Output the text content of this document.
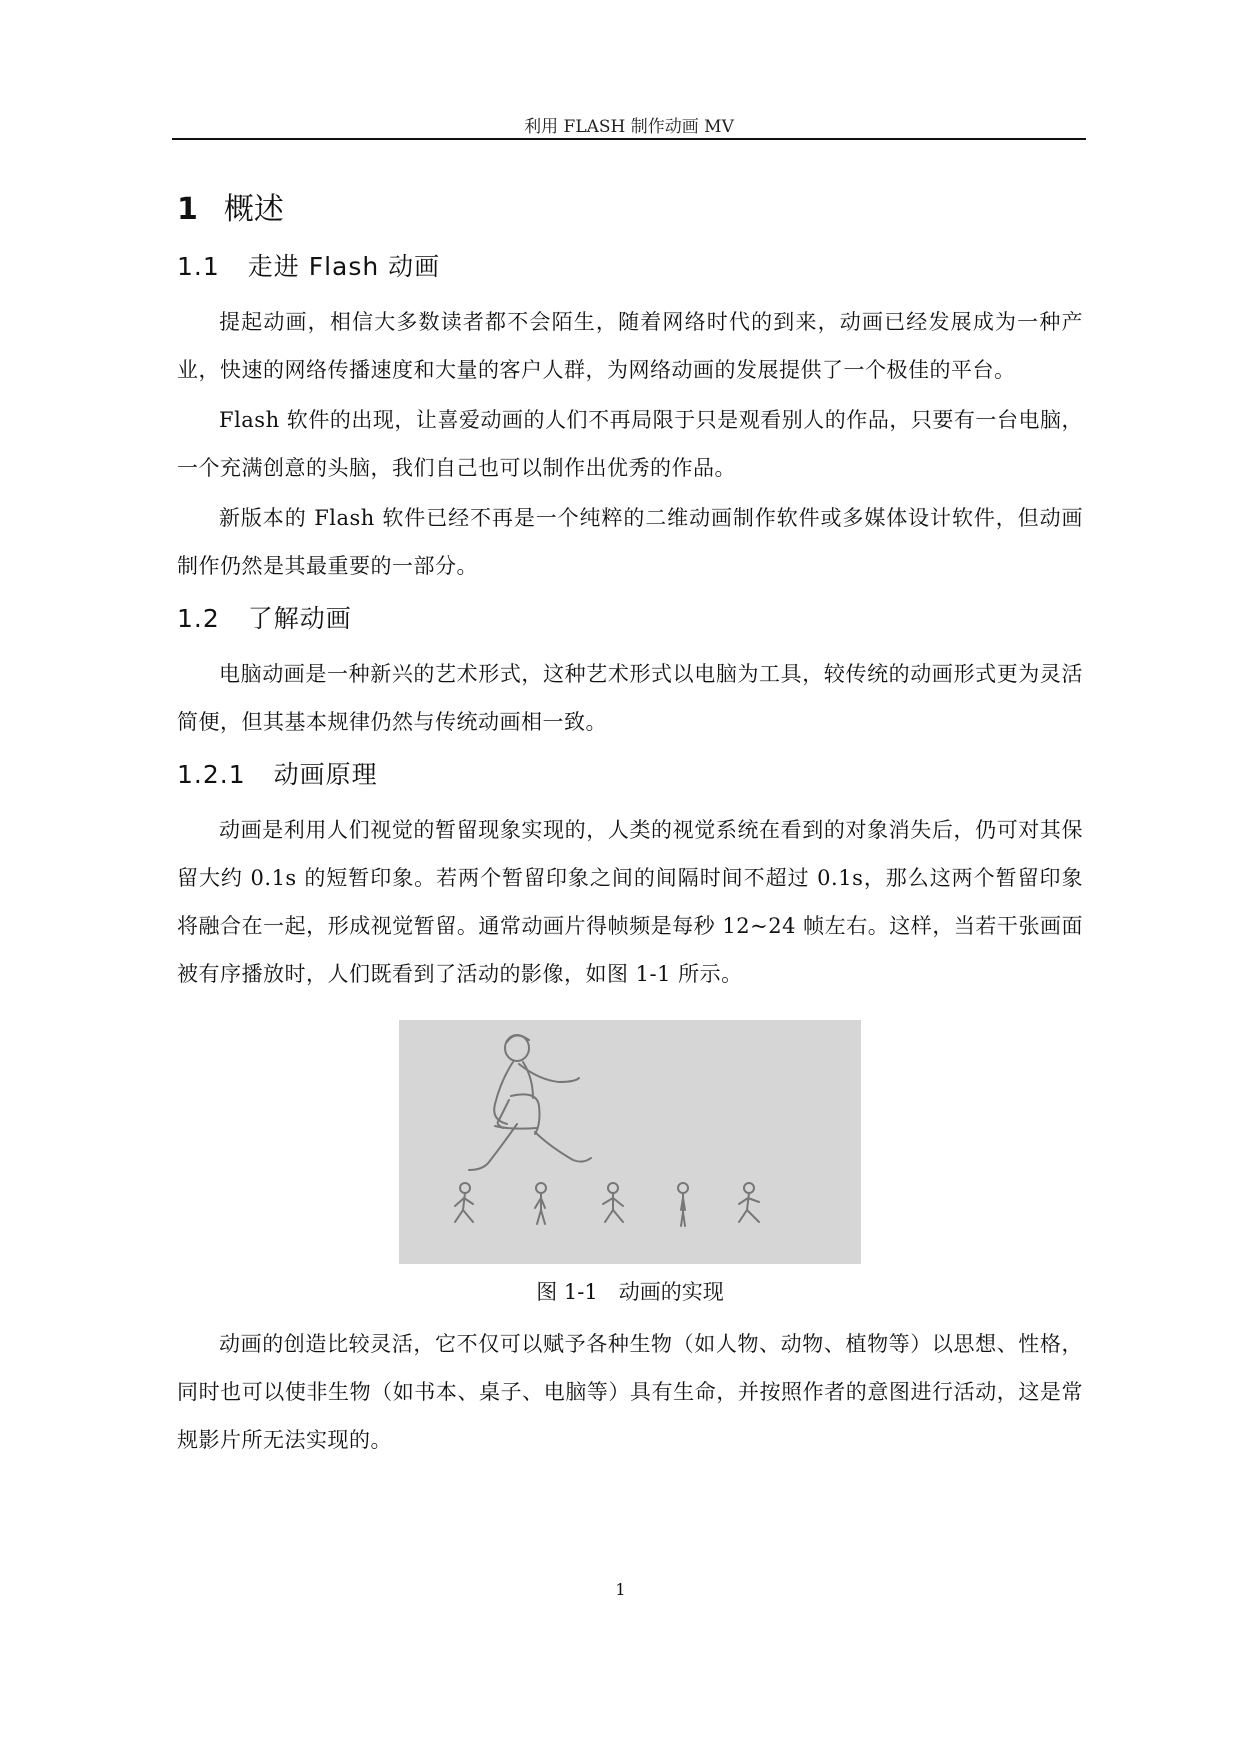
利用 FLASH 制作动画 MV
1 概述
1.1 走进 Flash 动画

提起动画，相信大多数读者都不会陌生，随着网络时代的到来，动画已经发展成为一种产业，快速的网络传播速度和大量的客户人群，为网络动画的发展提供了一个极佳的平台。

Flash 软件的出现，让喜爱动画的人们不再局限于只是观看别人的作品，只要有一台电脑，一个充满创意的头脑，我们自己也可以制作出优秀的作品。

新版本的 Flash 软件已经不再是一个纯粹的二维动画制作软件或多媒体设计软件，但动画制作仍然是其最重要的一部分。

1.2 了解动画

电脑动画是一种新兴的艺术形式，这种艺术形式以电脑为工具，较传统的动画形式更为灵活简便，但其基本规律仍然与传统动画相一致。

1.2.1 动画原理

动画是利用人们视觉的暂留现象实现的，人类的视觉系统在看到的对象消失后，仍可对其保留大约 0.1s 的短暂印象。若两个暂留印象之间的间隔时间不超过 0.1s，那么这两个暂留印象将融合在一起，形成视觉暂留。通常动画片得帧频是每秒 12~24 帧左右。这样，当若干张画面被有序播放时，人们既看到了活动的影像，如图 1-1 所示。

图 1-1　动画的实现

动画的创造比较灵活，它不仅可以赋予各种生物（如人物、动物、植物等）以思想、性格，同时也可以使非生物（如书本、桌子、电脑等）具有生命，并按照作者的意图进行活动，这是常规影片所无法实现的。

1
